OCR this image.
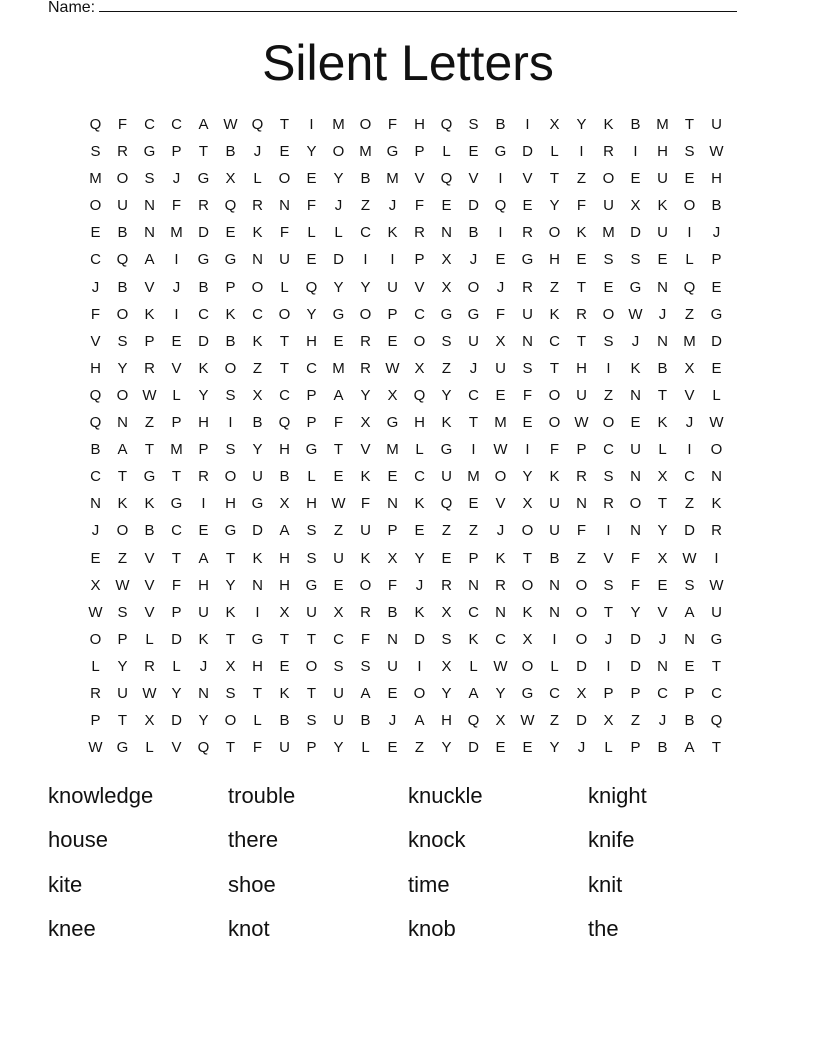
Name:
Silent Letters
Q	F	C	C	A W Q	T	I	M O	F	H	Q	S	B	I	X	Y	K	B	M	T	U
S	R	G	P	T	B	J	E	Y	O M G	P	L	E	G	D	L	I	R	I	H	S W
M O	S	J	G	X	L	O	E	Y	B	M	V	Q	V	I	V	T	Z	O	E	U	E	H
O	U	N	F	R	Q	R	N	F	J	Z	J	F	E	D	Q	E	Y	F	U	X	K	O	B
E	B	N	M	D	E	K	F	L	L	C	K	R	N	B	I	R	O	K	M	D	U	I	J
C	Q	A	I	G	G	N	U	E	D	I	I	P	X	J	E	G	H	E	S	S	E	L	P
J	B	V	J	B	P	O	L	Q	Y	Y	U	V	X	O	J	R	Z	T	E	G	N	Q	E
F	O	K	I	C	K	C	O	Y	G	O	P	C	G	G	F	U	K	R	O W	J	Z	G
V	S	P	E	D	B	K	T	H	E	R	E	O	S	U	X	N	C	T	S	J	N	M	D
H	Y	R	V	K	O	Z	T	C	M	R W X	Z	J	U	S	T	H	I	K	B	X	E
Q	O W	L	Y	S	X	C	P	A	Y	X	Q	Y	C	E	F	O	U	Z	N	T	V	L
Q	N	Z	P	H	I	B	Q	P	F	X	G	H	K	T	M	E	O W O	E	K	J	W
B	A	T	M	P	S	Y	H	G	T	V	M	L	G	I	W	I	F	P	C	U	L	I	O
C	T	G	T	R	O	U	B	L	E	K	E	C	U	M O	Y	K	R	S	N	X	C	N
N	K	K	G	I	H	G	X	H W	F	N	K	Q	E	V	X	U	N	R	O	T	Z	K
J	O	B	C	E	G	D	A	S	Z	U	P	E	Z	Z	J	O	U	F	I	N	Y	D	R
E	Z	V	T	A	T	K	H	S	U	K	X	Y	E	P	K	T	B	Z	V	F	X W	I
X W V	F	H	Y	N	H	G	E	O	F	J	R	N	R	O	N	O	S	F	E	S W
W S	V	P	U	K	I	X	U	X	R	B	K	X	C	N	K	N	O	T	Y	V	A	U
O	P	L	D	K	T	G	T	T	C	F	N	D	S	K	C	X	I	O	J	D	J	N	G
L	Y	R	L	J	X	H	E	O	S	S	U	I	X	L	W O	L	D	I	D	N	E	T
R	U W Y	N	S	T	K	T	U	A	E	O	Y	A	Y	G	C	X	P	P	C	P	C
P	T	X	D	Y	O	L	B	S	U	B	J	A	H	Q	X W	Z	D	X	Z	J	B	Q
W G	L	V	Q	T	F	U	P	Y	L	E	Z	Y	D	E	E	Y	J	L	P	B	A	T
knowledge	trouble	knuckle	knight
house	there	knock	knife
kite	shoe	time	knit
knee	knot	knob	the
